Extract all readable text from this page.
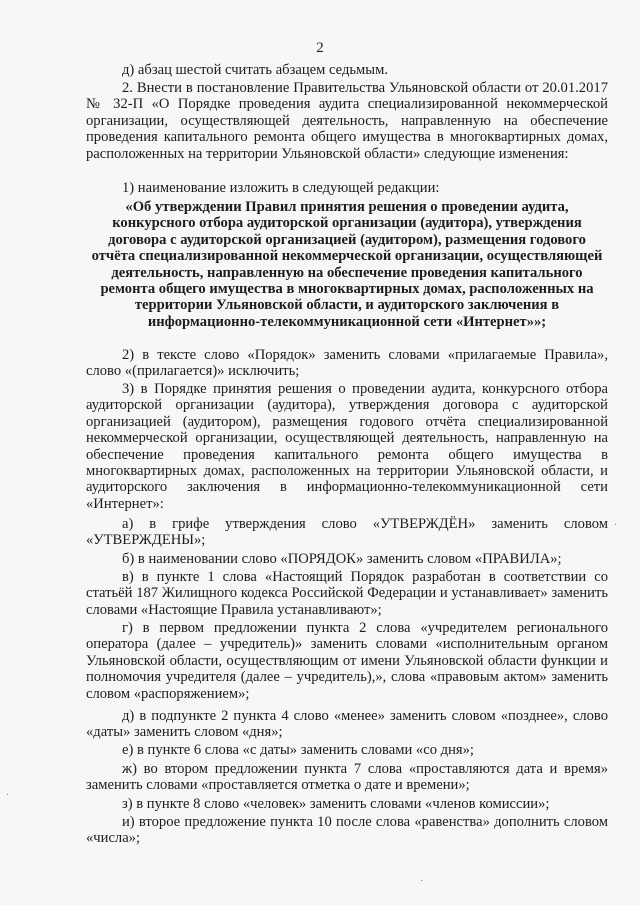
2
д) абзац шестой считать абзацем седьмым.
2. Внести в постановление Правительства Ульяновской области от 20.01.2017 № 32-П «О Порядке проведения аудита специализированной некоммерческой организации, осуществляющей деятельность, направленную на обеспечение проведения капитального ремонта общего имущества в многоквартирных домах, расположенных на территории Ульяновской области» следующие изменения:
1) наименование изложить в следующей редакции:
«Об утверждении Правил принятия решения о проведении аудита, конкурсного отбора аудиторской организации (аудитора), утверждения договора с аудиторской организацией (аудитором), размещения годового отчёта специализированной некоммерческой организации, осуществляющей деятельность, направленную на обеспечение проведения капитального ремонта общего имущества в многоквартирных домах, расположенных на территории Ульяновской области, и аудиторского заключения в информационно-телекоммуникационной сети «Интернет»»;
2) в тексте слово «Порядок» заменить словами «прилагаемые Правила», слово «(прилагается)» исключить;
3) в Порядке принятия решения о проведении аудита, конкурсного отбора аудиторской организации (аудитора), утверждения договора с аудиторской организацией (аудитором), размещения годового отчёта специализированной некоммерческой организации, осуществляющей деятельность, направленную на обеспечение проведения капитального ремонта общего имущества в многоквартирных домах, расположенных на территории Ульяновской области, и аудиторского заключения в информационно-телекоммуникационной сети «Интернет»:
а) в грифе утверждения слово «УТВЕРЖДЁН» заменить словом «УТВЕРЖДЕНЫ»;
б) в наименовании слово «ПОРЯДОК» заменить словом «ПРАВИЛА»;
в) в пункте 1 слова «Настоящий Порядок разработан в соответствии со статьёй 187 Жилищного кодекса Российской Федерации и устанавливает» заменить словами «Настоящие Правила устанавливают»;
г) в первом предложении пункта 2 слова «учредителем регионального оператора (далее – учредитель)» заменить словами «исполнительным органом Ульяновской области, осуществляющим от имени Ульяновской области функции и полномочия учредителя (далее – учредитель),», слова «правовым актом» заменить словом «распоряжением»;
д) в подпункте 2 пункта 4 слово «менее» заменить словом «позднее», слово «даты» заменить словом «дня»;
е) в пункте 6 слова «с даты» заменить словами «со дня»;
ж) во втором предложении пункта 7 слова «проставляются дата и время» заменить словами «проставляется отметка о дате и времени»;
з) в пункте 8 слово «человек» заменить словами «членов комиссии»;
и) второе предложение пункта 10 после слова «равенства» дополнить словом «числа»;
·
·
·
